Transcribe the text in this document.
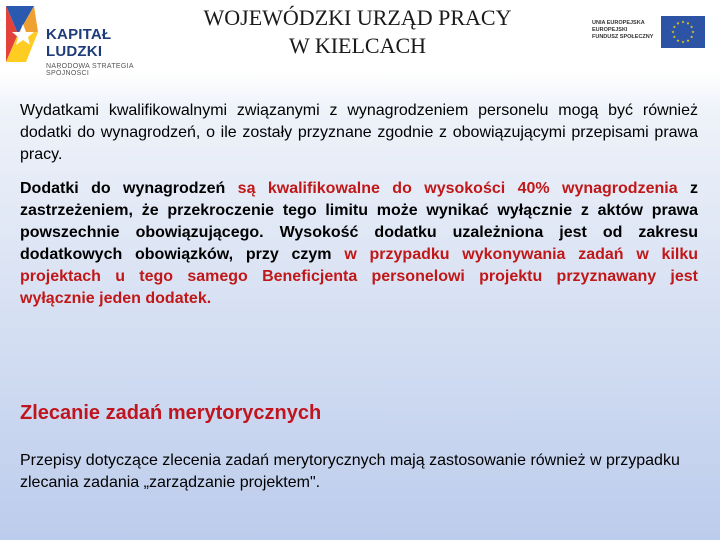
KAPITAŁ LUDZKI
NARODOWA STRATEGIA SPÓJNOŚCI
WOJEWÓDZKI URZĄD PRACY
W KIELCACH
UNIA EUROPEJSKA
EUROPEJSKI
FUNDUSZ SPOŁECZNY

Wydatkami kwalifikowalnymi związanymi z wynagrodzeniem personelu mogą być również dodatki do wynagrodzeń, o ile zostały przyznane zgodnie z obowiązującymi przepisami prawa pracy.

Dodatki do wynagrodzeń są kwalifikowalne do wysokości 40% wynagrodzenia z zastrzeżeniem, że przekroczenie tego limitu może wynikać wyłącznie z aktów prawa powszechnie obowiązującego. Wysokość dodatku uzależniona jest od zakresu dodatkowych obowiązków, przy czym w przypadku wykonywania zadań w kilku projektach u tego samego Beneficjenta personelowi projektu przyznawany jest wyłącznie jeden dodatek.

Zlecanie zadań merytorycznych

Przepisy dotyczące zlecenia zadań merytorycznych mają zastosowanie również w przypadku zlecania zadania „zarządzanie projektem".
